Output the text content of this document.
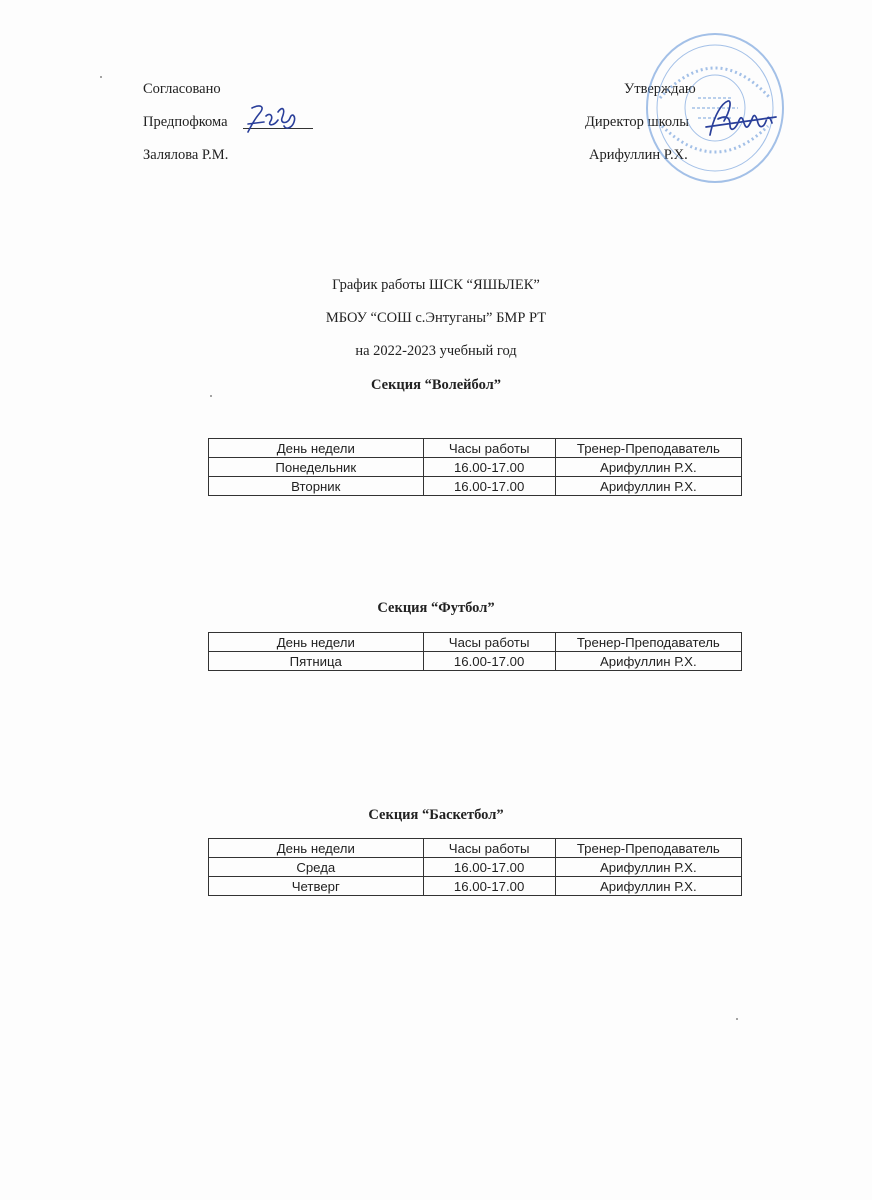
Согласовано
Предпофкома
Залялова Р.М.
Утверждаю
Директор школы
Арифуллин Р.Х.
График работы ШСК “ЯШЬЛЕК”
МБОУ “СОШ с.Энтуганы” БМР РТ
на 2022-2023 учебный год
Секция “Волейбол”
День недели	Часы работы	Тренер-Преподаватель
Понедельник	16.00-17.00	Арифуллин Р.Х.
Вторник	16.00-17.00	Арифуллин Р.Х.
Секция “Футбол”
День недели	Часы работы	Тренер-Преподаватель
Пятница	16.00-17.00	Арифуллин Р.Х.
Секция “Баскетбол”
День недели	Часы работы	Тренер-Преподаватель
Среда	16.00-17.00	Арифуллин Р.Х.
Четверг	16.00-17.00	Арифуллин Р.Х.
